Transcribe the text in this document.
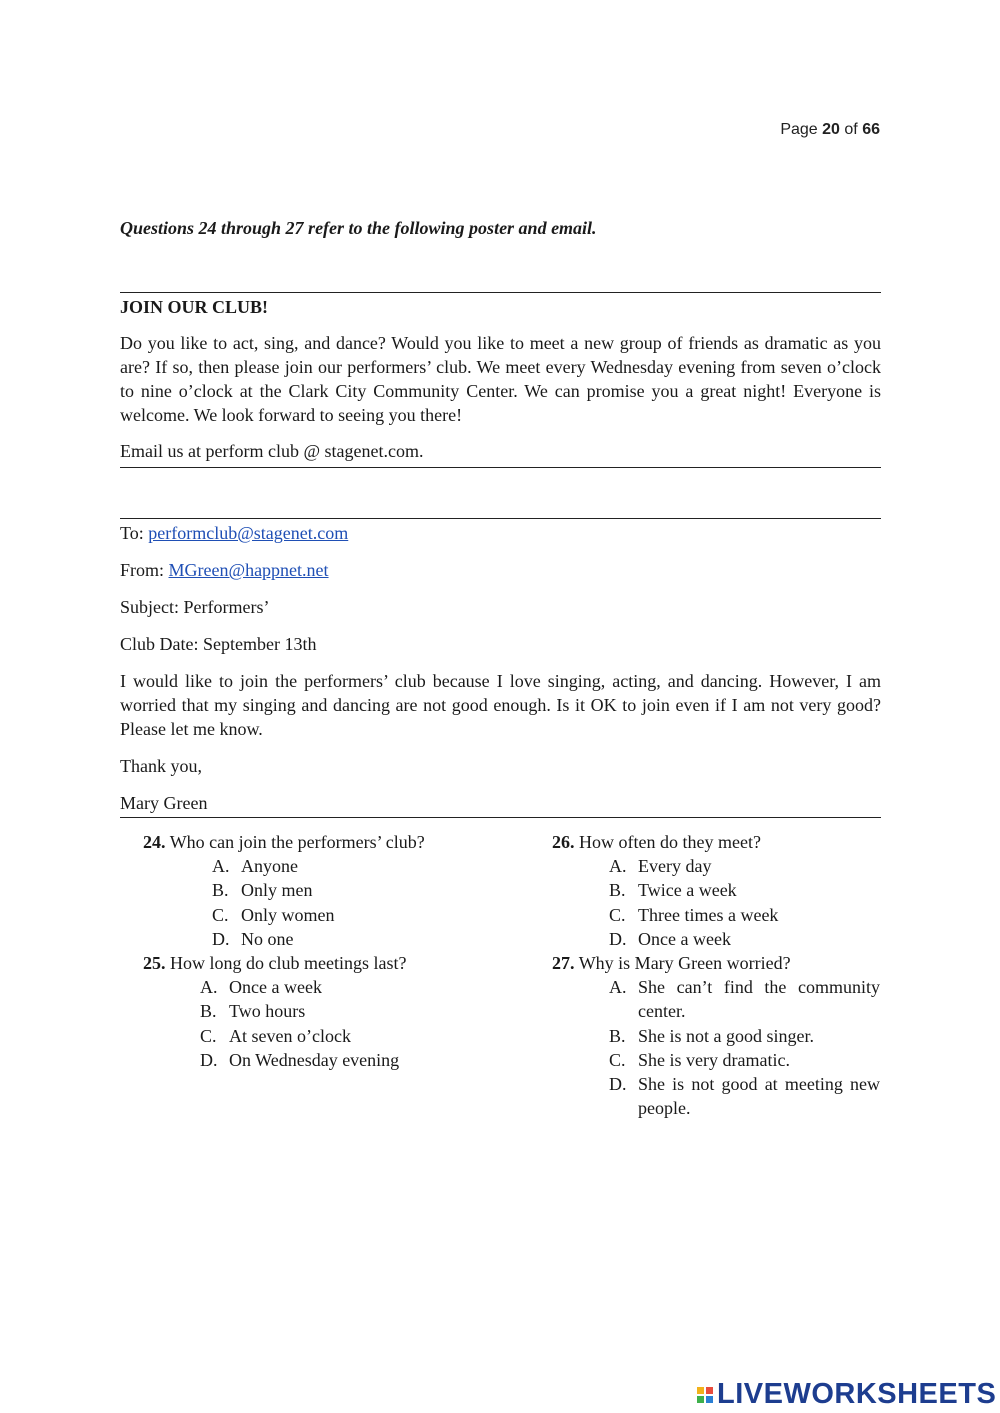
Page 20 of 66
Questions 24 through 27 refer to the following poster and email.

JOIN OUR CLUB!

Do you like to act, sing, and dance? Would you like to meet a new group of friends as dramatic as you are? If so, then please join our performers’ club. We meet every Wednesday evening from seven o’clock to nine o’clock at the Clark City Community Center. We can promise you a great night! Everyone is welcome. We look forward to seeing you there!

Email us at perform club @ stagenet.com.

To: performclub@stagenet.com

From: MGreen@happnet.net

Subject: Performers’

Club Date: September 13th

I would like to join the performers’ club because I love singing, acting, and dancing. However, I am worried that my singing and dancing are not good enough. Is it OK to join even if I am not very good? Please let me know.

Thank you,

Mary Green

24. Who can join the performers’ club?

A. Anyone

B. Only men

C. Only women

D. No one

25. How long do club meetings last?

A. Once a week

B. Two hours

C. At seven o’clock

D. On Wednesday evening

26. How often do they meet?

A. Every day

B. Twice a week

C. Three times a week

D. Once a week

27. Why is Mary Green worried?

A. She can’t find the community center.

B. She is not a good singer.

C. She is very dramatic.

D. She is not good at meeting new people.

LIVEWORKSHEETS
